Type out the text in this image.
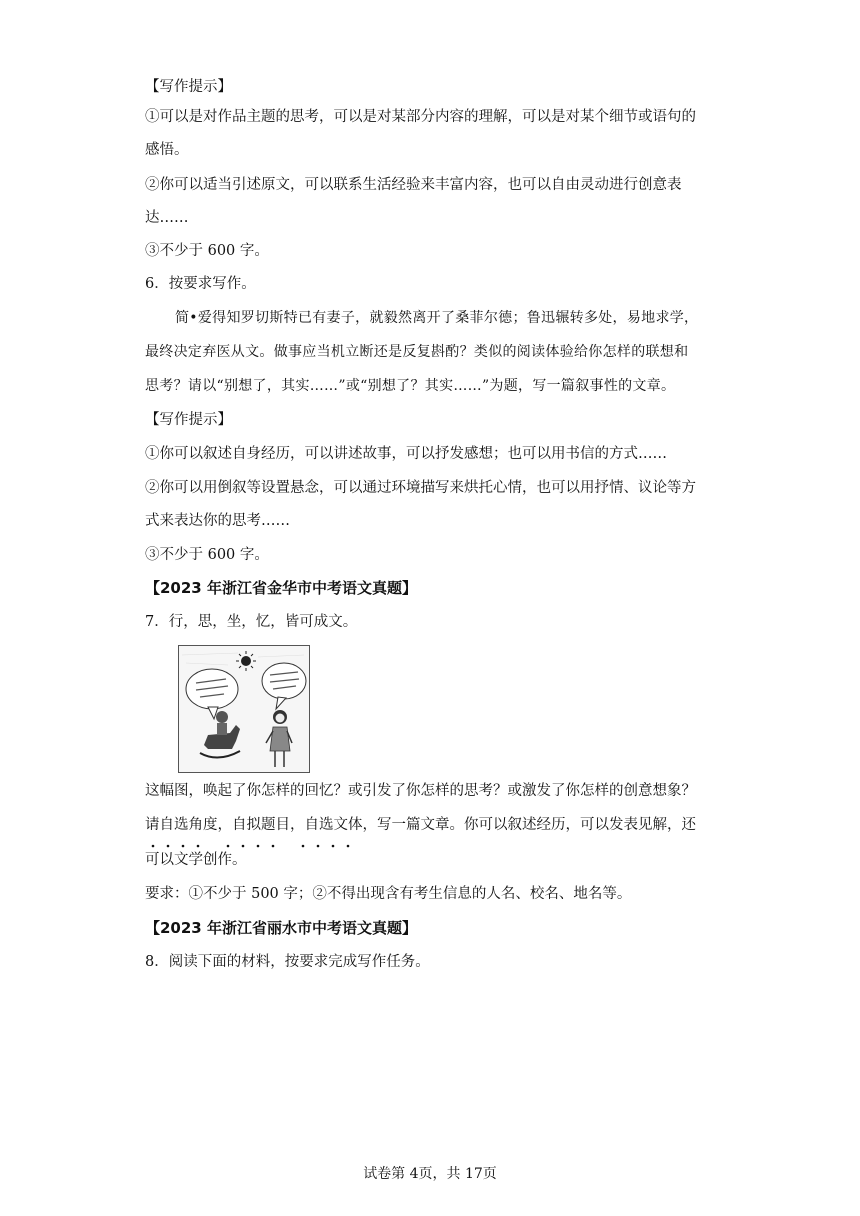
【写作提示】
①可以是对作品主题的思考，可以是对某部分内容的理解，可以是对某个细节或语句的
感悟。
②你可以适当引述原文，可以联系生活经验来丰富内容，也可以自由灵动进行创意表
达……
③不少于 600 字。
6．按要求写作。
简•爱得知罗切斯特已有妻子，就毅然离开了桑菲尔德；鲁迅辗转多处，易地求学，
最终决定弃医从文。做事应当机立断还是反复斟酌？类似的阅读体验给你怎样的联想和
思考？请以“别想了，其实……”或“别想了？其实……”为题，写一篇叙事性的文章。
【写作提示】
①你可以叙述自身经历，可以讲述故事，可以抒发感想；也可以用书信的方式……
②你可以用倒叙等设置悬念，可以通过环境描写来烘托心情，也可以用抒情、议论等方
式来表达你的思考……
③不少于 600 字。
【2023 年浙江省金华市中考语文真题】
7．行，思，坐，忆，皆可成文。
这幅图，唤起了你怎样的回忆？或引发了你怎样的思考？或激发了你怎样的创意想象？
请自选角度，自拟题目，自选文体，写一篇文章。你可以叙述经历，可以发表见解，还
可以文学创作。
要求：①不少于 500 字；②不得出现含有考生信息的人名、校名、地名等。
【2023 年浙江省丽水市中考语文真题】
8．阅读下面的材料，按要求完成写作任务。
试卷第 4页，共 17页
